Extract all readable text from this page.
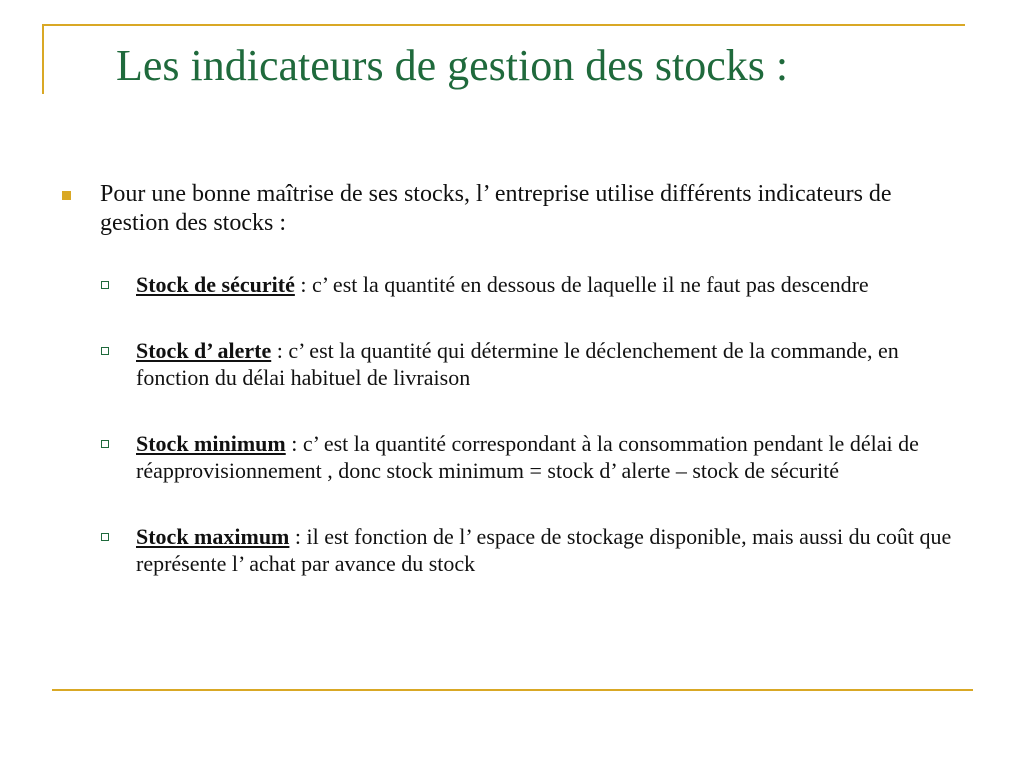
Les indicateurs de gestion des stocks :
Pour une bonne maîtrise de ses stocks, l’ entreprise utilise différents indicateurs de gestion des stocks :
Stock de sécurité : c’ est la quantité en dessous de laquelle il ne faut pas descendre
Stock d’ alerte : c’ est la quantité qui détermine le déclenchement de la commande, en fonction du délai habituel de livraison
Stock minimum : c’ est la quantité correspondant à la consommation pendant le délai de réapprovisionnement , donc stock minimum = stock d’ alerte – stock de sécurité
Stock maximum : il est fonction de l’ espace de stockage disponible, mais aussi du coût que représente l’ achat par avance du stock
